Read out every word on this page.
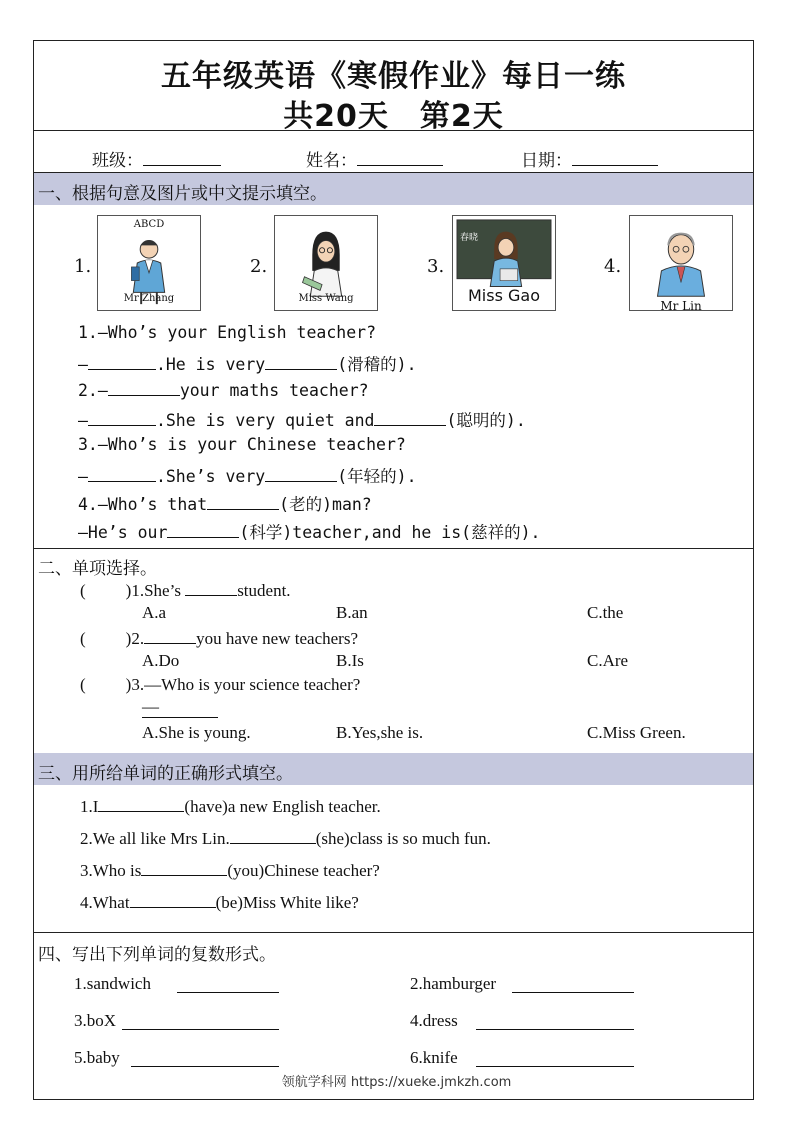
五年级英语《寒假作业》每日一练
共20天　第2天
班级：	姓名：	日期：
一、根据句意及图片或中文提示填空。
1.
ABCD
Mr Zhang
2.
Miss Wang
3.
春晓
Miss Gao
4.
Mr Lin
1.—Who’s your English teacher?
—	.He is very	(滑稽的).
2.—	your maths teacher?
—	.She is very quiet and	(聪明的).
3.—Who’s is your Chinese teacher?
—	.She’s very	(年轻的).
4.—Who’s that	(老的)man?
—He’s our	(科学)teacher,and he is(慈祥的).
二、单项选择。
( )1.She’s	student.
A.a	B.an	C.the
( )2.	you have new teachers?
A.Do	B.Is	C.Are
( )3.—Who is your science teacher?
—
A.She is young.	B.Yes,she is.	C.Miss Green.
三、用所给单词的正确形式填空。
1.I	(have)a new English teacher.
2.We all like Mrs Lin.	(she)class is so much fun.
3.Who is	(you)Chinese teacher?
4.What	(be)Miss White like?
四、写出下列单词的复数形式。
1.sandwich	2.hamburger
3.boX	4.dress
5.baby	6.knife
领航学科网 https://xueke.jmkzh.com
